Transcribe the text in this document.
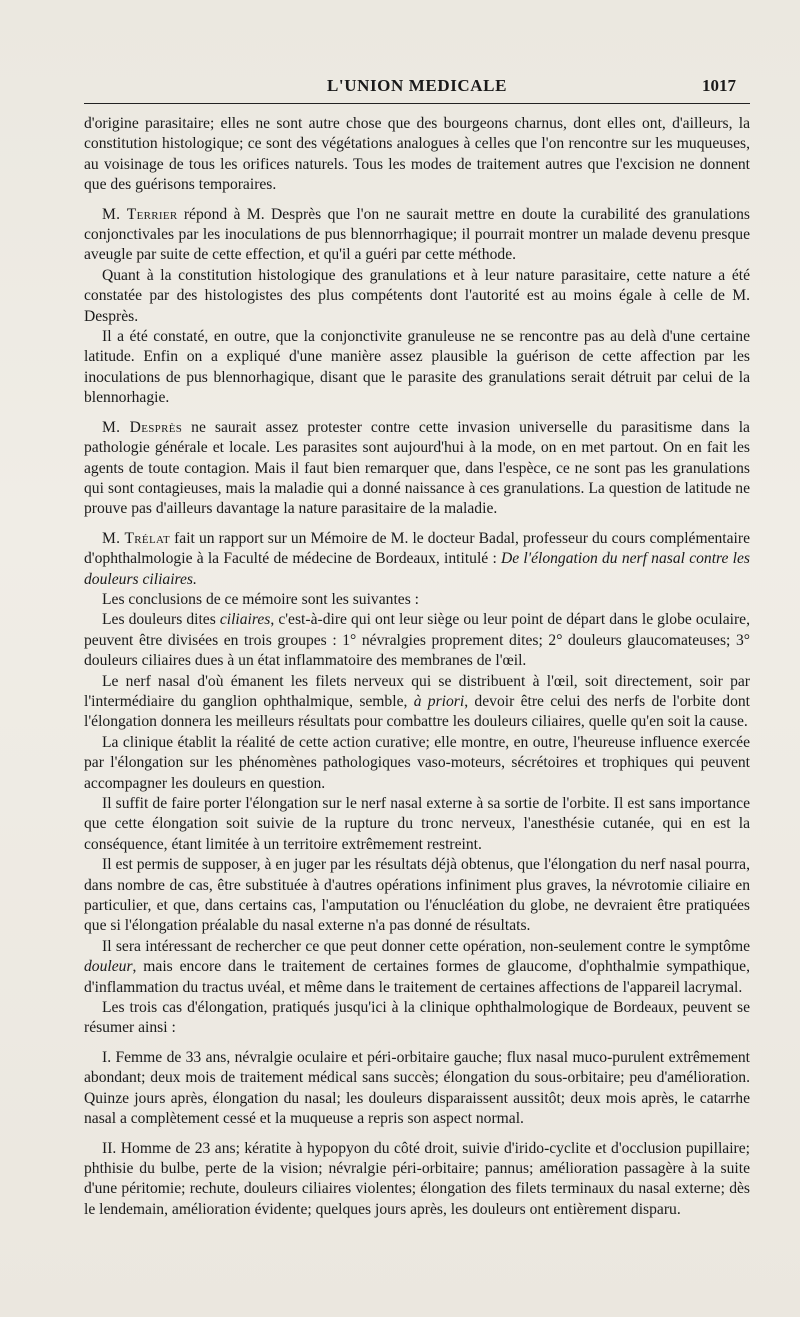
L'UNION MEDICALE	1017

d'origine parasitaire; elles ne sont autre chose que des bourgeons charnus, dont elles ont, d'ailleurs, la constitution histologique; ce sont des végétations analogues à celles que l'on rencontre sur les muqueuses, au voisinage de tous les orifices naturels. Tous les modes de traitement autres que l'excision ne donnent que des guérisons temporaires.

M. Terrier répond à M. Desprès que l'on ne saurait mettre en doute la curabilité des granulations conjonctivales par les inoculations de pus blennorrhagique; il pourrait montrer un malade devenu presque aveugle par suite de cette effection, et qu'il a guéri par cette méthode.

Quant à la constitution histologique des granulations et à leur nature parasitaire, cette nature a été constatée par des histologistes des plus compétents dont l'autorité est au moins égale à celle de M. Desprès.

Il a été constaté, en outre, que la conjonctivite granuleuse ne se rencontre pas au delà d'une certaine latitude. Enfin on a expliqué d'une manière assez plausible la guérison de cette affection par les inoculations de pus blennorhagique, disant que le parasite des granulations serait détruit par celui de la blennorhagie.

M. Desprès ne saurait assez protester contre cette invasion universelle du parasitisme dans la pathologie générale et locale. Les parasites sont aujourd'hui à la mode, on en met partout. On en fait les agents de toute contagion. Mais il faut bien remarquer que, dans l'espèce, ce ne sont pas les granulations qui sont contagieuses, mais la maladie qui a donné naissance à ces granulations. La question de latitude ne prouve pas d'ailleurs davantage la nature parasitaire de la maladie.

M. Trélat fait un rapport sur un Mémoire de M. le docteur Badal, professeur du cours complémentaire d'ophthalmologie à la Faculté de médecine de Bordeaux, intitulé : De l'élongation du nerf nasal contre les douleurs ciliaires.

Les conclusions de ce mémoire sont les suivantes :

Les douleurs dites ciliaires, c'est-à-dire qui ont leur siège ou leur point de départ dans le globe oculaire, peuvent être divisées en trois groupes : 1° névralgies proprement dites; 2° douleurs glaucomateuses; 3° douleurs ciliaires dues à un état inflammatoire des membranes de l'œil.

Le nerf nasal d'où émanent les filets nerveux qui se distribuent à l'œil, soit directement, soir par l'intermédiaire du ganglion ophthalmique, semble, à priori, devoir être celui des nerfs de l'orbite dont l'élongation donnera les meilleurs résultats pour combattre les douleurs ciliaires, quelle qu'en soit la cause.

La clinique établit la réalité de cette action curative; elle montre, en outre, l'heureuse influence exercée par l'élongation sur les phénomènes pathologiques vaso-moteurs, sécrétoires et trophiques qui peuvent accompagner les douleurs en question.

Il suffit de faire porter l'élongation sur le nerf nasal externe à sa sortie de l'orbite. Il est sans importance que cette élongation soit suivie de la rupture du tronc nerveux, l'anesthésie cutanée, qui en est la conséquence, étant limitée à un territoire extrêmement restreint.

Il est permis de supposer, à en juger par les résultats déjà obtenus, que l'élongation du nerf nasal pourra, dans nombre de cas, être substituée à d'autres opérations infiniment plus graves, la névrotomie ciliaire en particulier, et que, dans certains cas, l'amputation ou l'énucléation du globe, ne devraient être pratiquées que si l'élongation préalable du nasal externe n'a pas donné de résultats.

Il sera intéressant de rechercher ce que peut donner cette opération, non-seulement contre le symptôme douleur, mais encore dans le traitement de certaines formes de glaucome, d'ophthalmie sympathique, d'inflammation du tractus uvéal, et même dans le traitement de certaines affections de l'appareil lacrymal.

Les trois cas d'élongation, pratiqués jusqu'ici à la clinique ophthalmologique de Bordeaux, peuvent se résumer ainsi :

I. Femme de 33 ans, névralgie oculaire et péri-orbitaire gauche; flux nasal muco-purulent extrêmement abondant; deux mois de traitement médical sans succès; élongation du sous-orbitaire; peu d'amélioration. Quinze jours après, élongation du nasal; les douleurs disparaissent aussitôt; deux mois après, le catarrhe nasal a complètement cessé et la muqueuse a repris son aspect normal.

II. Homme de 23 ans; kératite à hypopyon du côté droit, suivie d'irido-cyclite et d'occlusion pupillaire; phthisie du bulbe, perte de la vision; névralgie péri-orbitaire; pannus; amélioration passagère à la suite d'une péritomie; rechute, douleurs ciliaires violentes; élongation des filets terminaux du nasal externe; dès le lendemain, amélioration évidente; quelques jours après, les douleurs ont entièrement disparu.
